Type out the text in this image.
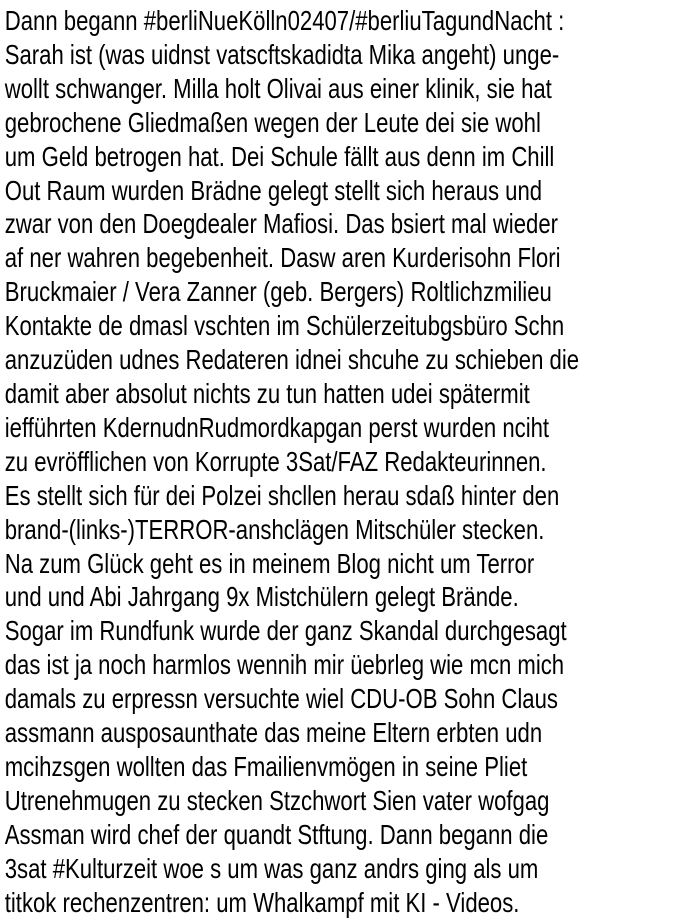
Dann begann #berliNueKölln02407/#berliuTagundNacht :
Sarah ist (was uidnst vatscftskadidta Mika angeht) unge-
wollt schwanger. Milla holt Olivai aus einer klinik, sie hat
gebrochene Gliedmaßen wegen der Leute dei sie wohl
um Geld betrogen hat. Dei Schule fällt aus denn im Chill
Out Raum wurden Brädne gelegt stellt sich heraus und
zwar von den Doegdealer Mafiosi. Das bsiert mal wieder
af ner wahren begebenheit. Dasw aren Kurderisohn Flori
Bruckmaier / Vera Zanner (geb. Bergers) Roltlichzmilieu
Kontakte de dmasl vschten im Schülerzeitubgsbüro Schn
anzuzüden udnes Redateren idnei shcuhe zu schieben die
damit aber absolut nichts zu tun hatten udei spätermit
iefführten KdernudnRudmordkapgan perst wurden nciht
zu evröfflichen von Korrupte 3Sat/FAZ Redakteurinnen.
Es stellt sich für dei Polzei shcllen herau sdaß hinter den
brand-(links-)TERROR-anshclägen Mitschüler stecken.
Na zum Glück geht es in meinem Blog nicht um Terror
und und Abi Jahrgang 9x Mistchülern gelegt Brände.
Sogar im Rundfunk wurde der ganz Skandal durchgesagt
das ist ja noch harmlos wennih mir üebrleg wie mcn mich
damals zu erpressn versuchte wiel CDU-OB Sohn Claus
assmann ausposaunthate das meine Eltern erbten udn
mcihzsgen wollten das Fmailienvmögen in seine Pliet
Utrenehmugen zu stecken Stzchwort Sien vater wofgag
Assman wird chef der quandt Stftung. Dann begann die
3sat #Kulturzeit woe s um was ganz andrs ging als um
titkok rechenzentren: um Whalkampf mit KI - Videos.
